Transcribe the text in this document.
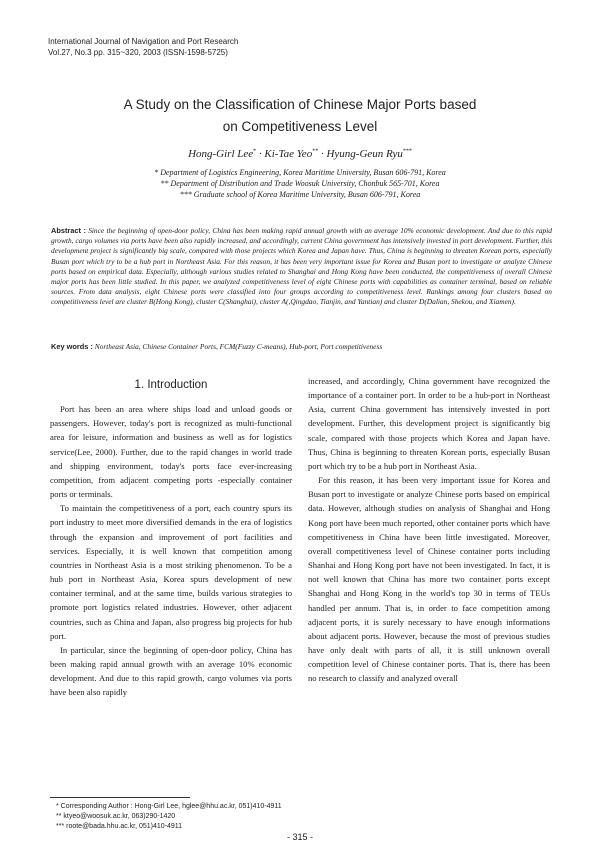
International Journal of Navigation and Port Research
Vol.27, No.3 pp. 315~320, 2003 (ISSN-1598-5725)
A Study on the Classification of Chinese Major Ports based
on Competitiveness Level
Hong-Girl Lee* · Ki-Tae Yeo** · Hyung-Geun Ryu***
* Department of Logistics Engineering, Korea Maritime University, Busan 606-791, Korea
** Department of Distribution and Trade Woosuk University, Chonbuk 565-701, Korea
*** Graduate school of Korea Maritime University, Busan 606-791, Korea
Abstract : Since the beginning of open-door policy, China has been making rapid annual growth with an average 10% economic development. And due to this rapid growth, cargo volumes via ports have been also rapidly increased, and accordingly, current China government has intensively invested in port development. Further, this development project is significantly big scale, compared with those projects which Korea and Japan have. Thus, China is beginning to threaten Korean ports, especially Busan port which try to be a hub port in Northeast Asia. For this reason, it has been very important issue for Korea and Busan port to investigate or analyze Chinese ports based on empirical data. Especially, although various studies related to Shanghai and Hong Kong have been conducted, the competitiveness of overall Chinese major ports has been little studied. In this paper, we analyzed competitiveness level of eight Chinese ports with capabilities as container terminal, based on reliable sources. From data analysis, eight Chinese ports were classified into four groups according to competitiveness level. Rankings among four clusters based on competitiveness level are cluster B(Hong Kong), cluster C(Shanghai), cluster A(,Qingdao, Tianjin, and Yantian) and cluster D(Dalian, Shekou, and Xiamen).
Key words : Northeast Asia, Chinese Container Ports, FCM(Fuzzy C-means), Hub-port, Port competitiveness
1. Introduction

Port has been an area where ships load and unload goods or passengers. However, today's port is recognized as multi-functional area for leisure, information and business as well as for logistics service(Lee, 2000). Further, due to the rapid changes in world trade and shipping environment, today's ports face ever-increasing competition, from adjacent competing ports -especially container ports or terminals.

To maintain the competitiveness of a port, each country spurs its port industry to meet more diversified demands in the era of logistics through the expansion and improvement of port facilities and services. Especially, it is well known that competition among countries in Northeast Asia is a most striking phenomenon. To be a hub port in Northeast Asia, Korea spurs development of new container terminal, and at the same time, builds various strategies to promote port logistics related industries. However, other adjacent countries, such as China and Japan, also progress big projects for hub port.

In particular, since the beginning of open-door policy, China has been making rapid annual growth with an average 10% economic development. And due to this rapid growth, cargo volumes via ports have been also rapidly

increased, and accordingly, China government have recognized the importance of a container port. In order to be a hub-port in Northeast Asia, current China government has intensively invested in port development. Further, this development project is significantly big scale, compared with those projects which Korea and Japan have. Thus, China is beginning to threaten Korean ports, especially Busan port which try to be a hub port in Northeast Asia.

For this reason, it has been very important issue for Korea and Busan port to investigate or analyze Chinese ports based on empirical data. However, although studies on analysis of Shanghai and Hong Kong port have been much reported, other container ports which have competitiveness in China have been little investigated. Moreover, overall competitiveness level of Chinese container ports including Shanhai and Hong Kong port have not been investigated. In fact, it is not well known that China has more two container ports except Shanghai and Hong Kong in the world's top 30 in terms of TEUs handled per annum. That is, in order to face competition among adjacent ports, it is surely necessary to have enough informations about adjacent ports. However, because the most of previous studies have only dealt with parts of all, it is still unknown overall competition level of Chinese container ports. That is, there has been no research to classify and analyzed overall

* Corresponding Author : Hong-Girl Lee, hglee@hhu.ac.kr, 051)410-4911
** ktyeo@woosuk.ac.kr, 063)290-1420
*** roote@bada.hhu.ac.kr, 051)410-4911
- 315 -
